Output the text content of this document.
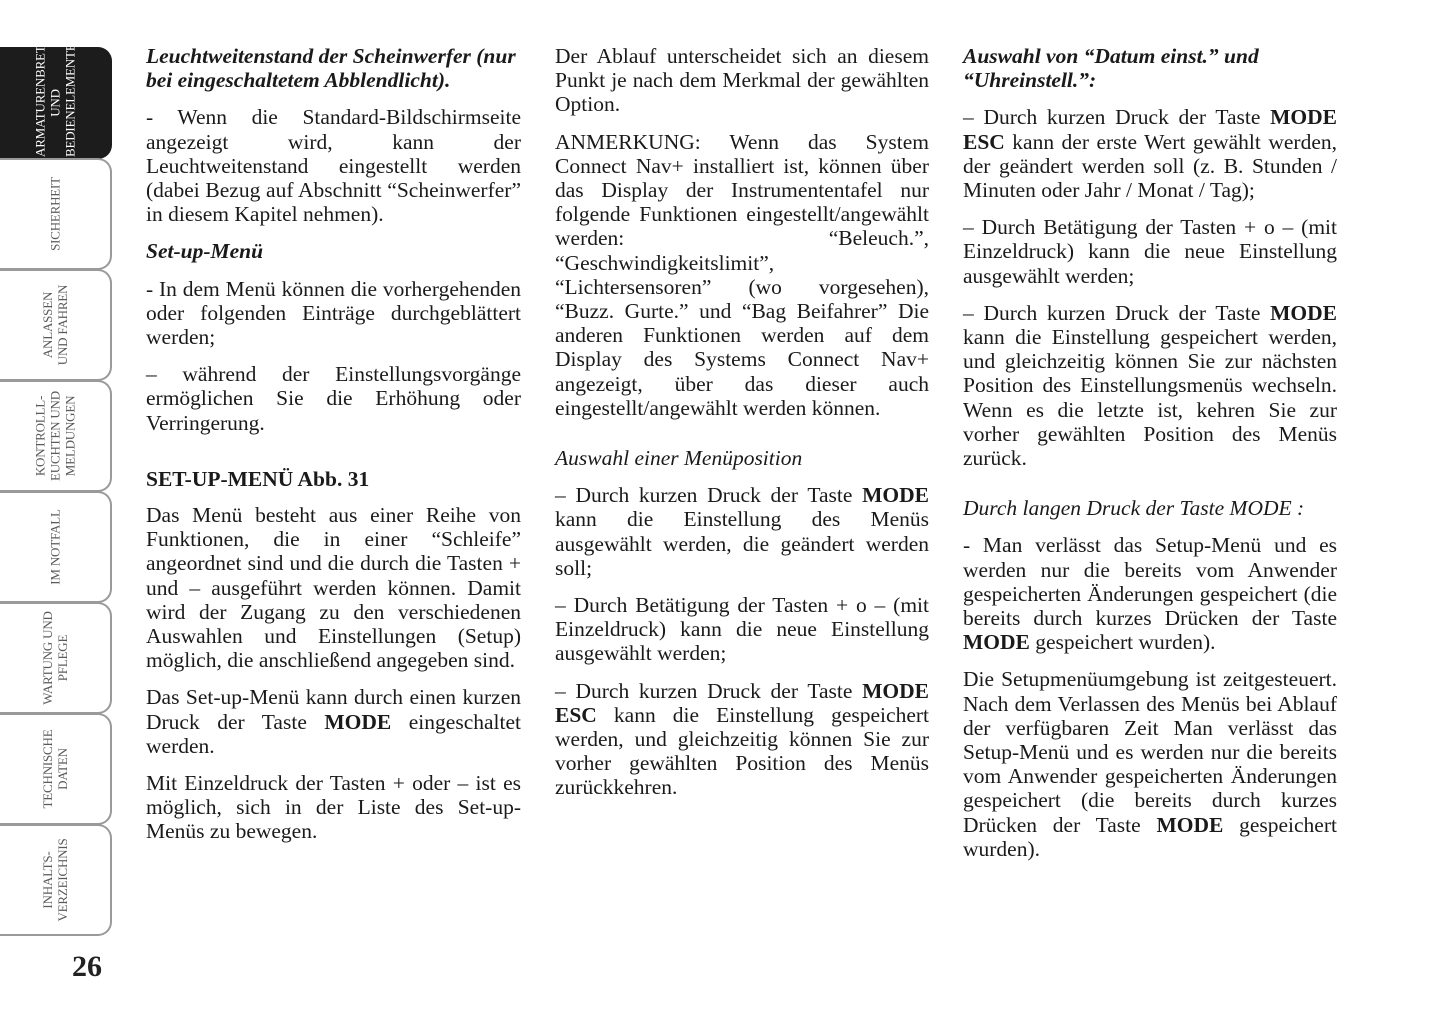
ARMATURENBRETT
UND
BEDIENELEMENTE
SICHERHEIT
ANLASSEN
UND FAHREN
KONTROLLL-
EUCHTEN UND
MELDUNGEN
IM NOTFALL
WARTUNG UND
PFLEGE
TECHNISCHE
DATEN
INHALTS-
VERZEICHNIS
26

Leuchtweitenstand der Scheinwerfer (nur bei eingeschaltetem Abblendlicht).

- Wenn die Standard-Bildschirmseite angezeigt wird, kann der Leuchtweitenstand eingestellt werden (dabei Bezug auf Abschnitt “Scheinwerfer” in diesem Kapitel nehmen).

Set-up-Menü

- In dem Menü können die vorhergehenden oder folgenden Einträge durchgeblättert werden;

– während der Einstellungsvorgänge ermöglichen Sie die Erhöhung oder Verringerung.

SET-UP-MENÜ Abb. 31

Das Menü besteht aus einer Reihe von Funktionen, die in einer “Schleife” angeordnet sind und die durch die Tasten + und – ausgeführt werden können. Damit wird der Zugang zu den verschiedenen Auswahlen und Einstellungen (Setup) möglich, die anschließend angegeben sind.

Das Set-up-Menü kann durch einen kurzen Druck der Taste MODE eingeschaltet werden.

Mit Einzeldruck der Tasten + oder – ist es möglich, sich in der Liste des Set-up-Menüs zu bewegen.

Der Ablauf unterscheidet sich an diesem Punkt je nach dem Merkmal der gewählten Option.

ANMERKUNG: Wenn das System Connect Nav+ installiert ist, können über das Display der Instrumententafel nur folgende Funktionen eingestellt/angewählt werden: “Beleuch.”, “Geschwindigkeitslimit”, “Lichtersensoren” (wo vorgesehen), “Buzz. Gurte.” und “Bag Beifahrer” Die anderen Funktionen werden auf dem Display des Systems Connect Nav+ angezeigt, über das dieser auch eingestellt/angewählt werden können.

Auswahl einer Menüposition

– Durch kurzen Druck der Taste MODE kann die Einstellung des Menüs ausgewählt werden, die geändert werden soll;

– Durch Betätigung der Tasten + o – (mit Einzeldruck) kann die neue Einstellung ausgewählt werden;

– Durch kurzen Druck der Taste MODE ESC kann die Einstellung gespeichert werden, und gleichzeitig können Sie zur vorher gewählten Position des Menüs zurückkehren.

Auswahl von “Datum einst.” und “Uhreinstell.”:

– Durch kurzen Druck der Taste MODE ESC kann der erste Wert gewählt werden, der geändert werden soll (z. B. Stunden / Minuten oder Jahr / Monat / Tag);

– Durch Betätigung der Tasten + o – (mit Einzeldruck) kann die neue Einstellung ausgewählt werden;

– Durch kurzen Druck der Taste MODE kann die Einstellung gespeichert werden, und gleichzeitig können Sie zur nächsten Position des Einstellungsmenüs wechseln. Wenn es die letzte ist, kehren Sie zur vorher gewählten Position des Menüs zurück.

Durch langen Druck der Taste MODE :

- Man verlässt das Setup-Menü und es werden nur die bereits vom Anwender gespeicherten Änderungen gespeichert (die bereits durch kurzes Drücken der Taste MODE gespeichert wurden).

Die Setupmenüumgebung ist zeitgesteuert. Nach dem Verlassen des Menüs bei Ablauf der verfügbaren Zeit Man verlässt das Setup-Menü und es werden nur die bereits vom Anwender gespeicherten Änderungen gespeichert (die bereits durch kurzes Drücken der Taste MODE gespeichert wurden).
